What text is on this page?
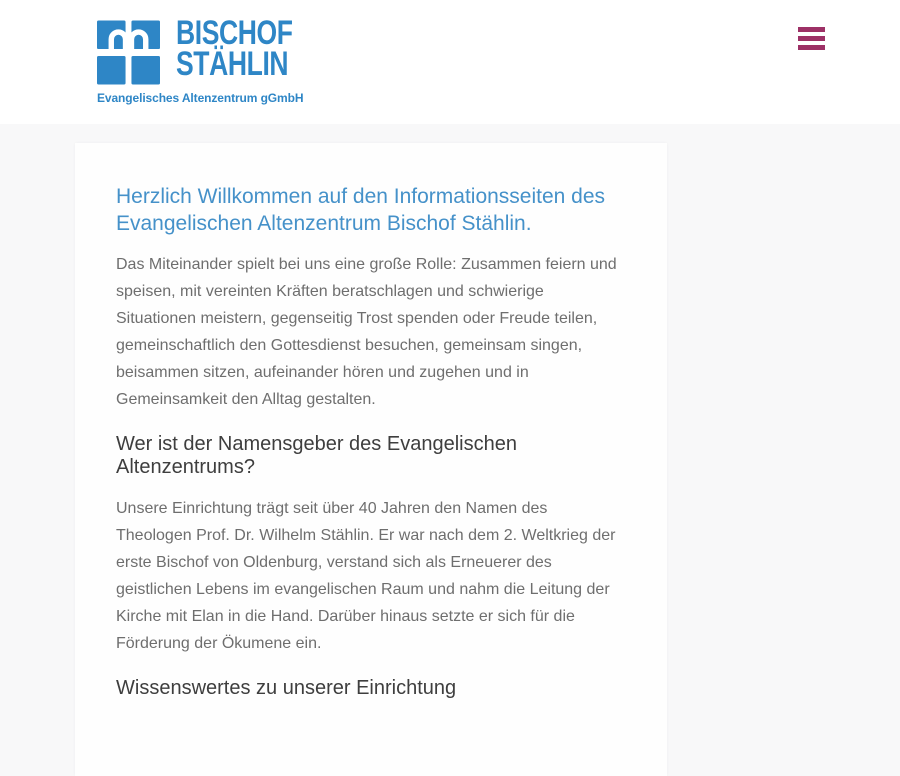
BISCHOF
STÄHLIN
Evangelisches Altenzentrum gGmbH
Herzlich Willkommen auf den Informationsseiten des Evangelischen Altenzentrum Bischof Stählin.

Das Miteinander spielt bei uns eine große Rolle: Zusammen feiern und speisen, mit vereinten Kräften beratschlagen und schwierige Situationen meistern, gegenseitig Trost spenden oder Freude teilen, gemeinschaftlich den Gottesdienst besuchen, gemeinsam singen, beisammen sitzen, aufeinander hören und zugehen und in Gemeinsamkeit den Alltag gestalten.

Wer ist der Namensgeber des Evangelischen Altenzentrums?

Unsere Einrichtung trägt seit über 40 Jahren den Namen des Theologen Prof. Dr. Wilhelm Stählin. Er war nach dem 2. Weltkrieg der erste Bischof von Oldenburg, verstand sich als Erneuerer des geistlichen Lebens im evangelischen Raum und nahm die Leitung der Kirche mit Elan in die Hand. Darüber hinaus setzte er sich für die Förderung der Ökumene ein.

Wissenswertes zu unserer Einrichtung
